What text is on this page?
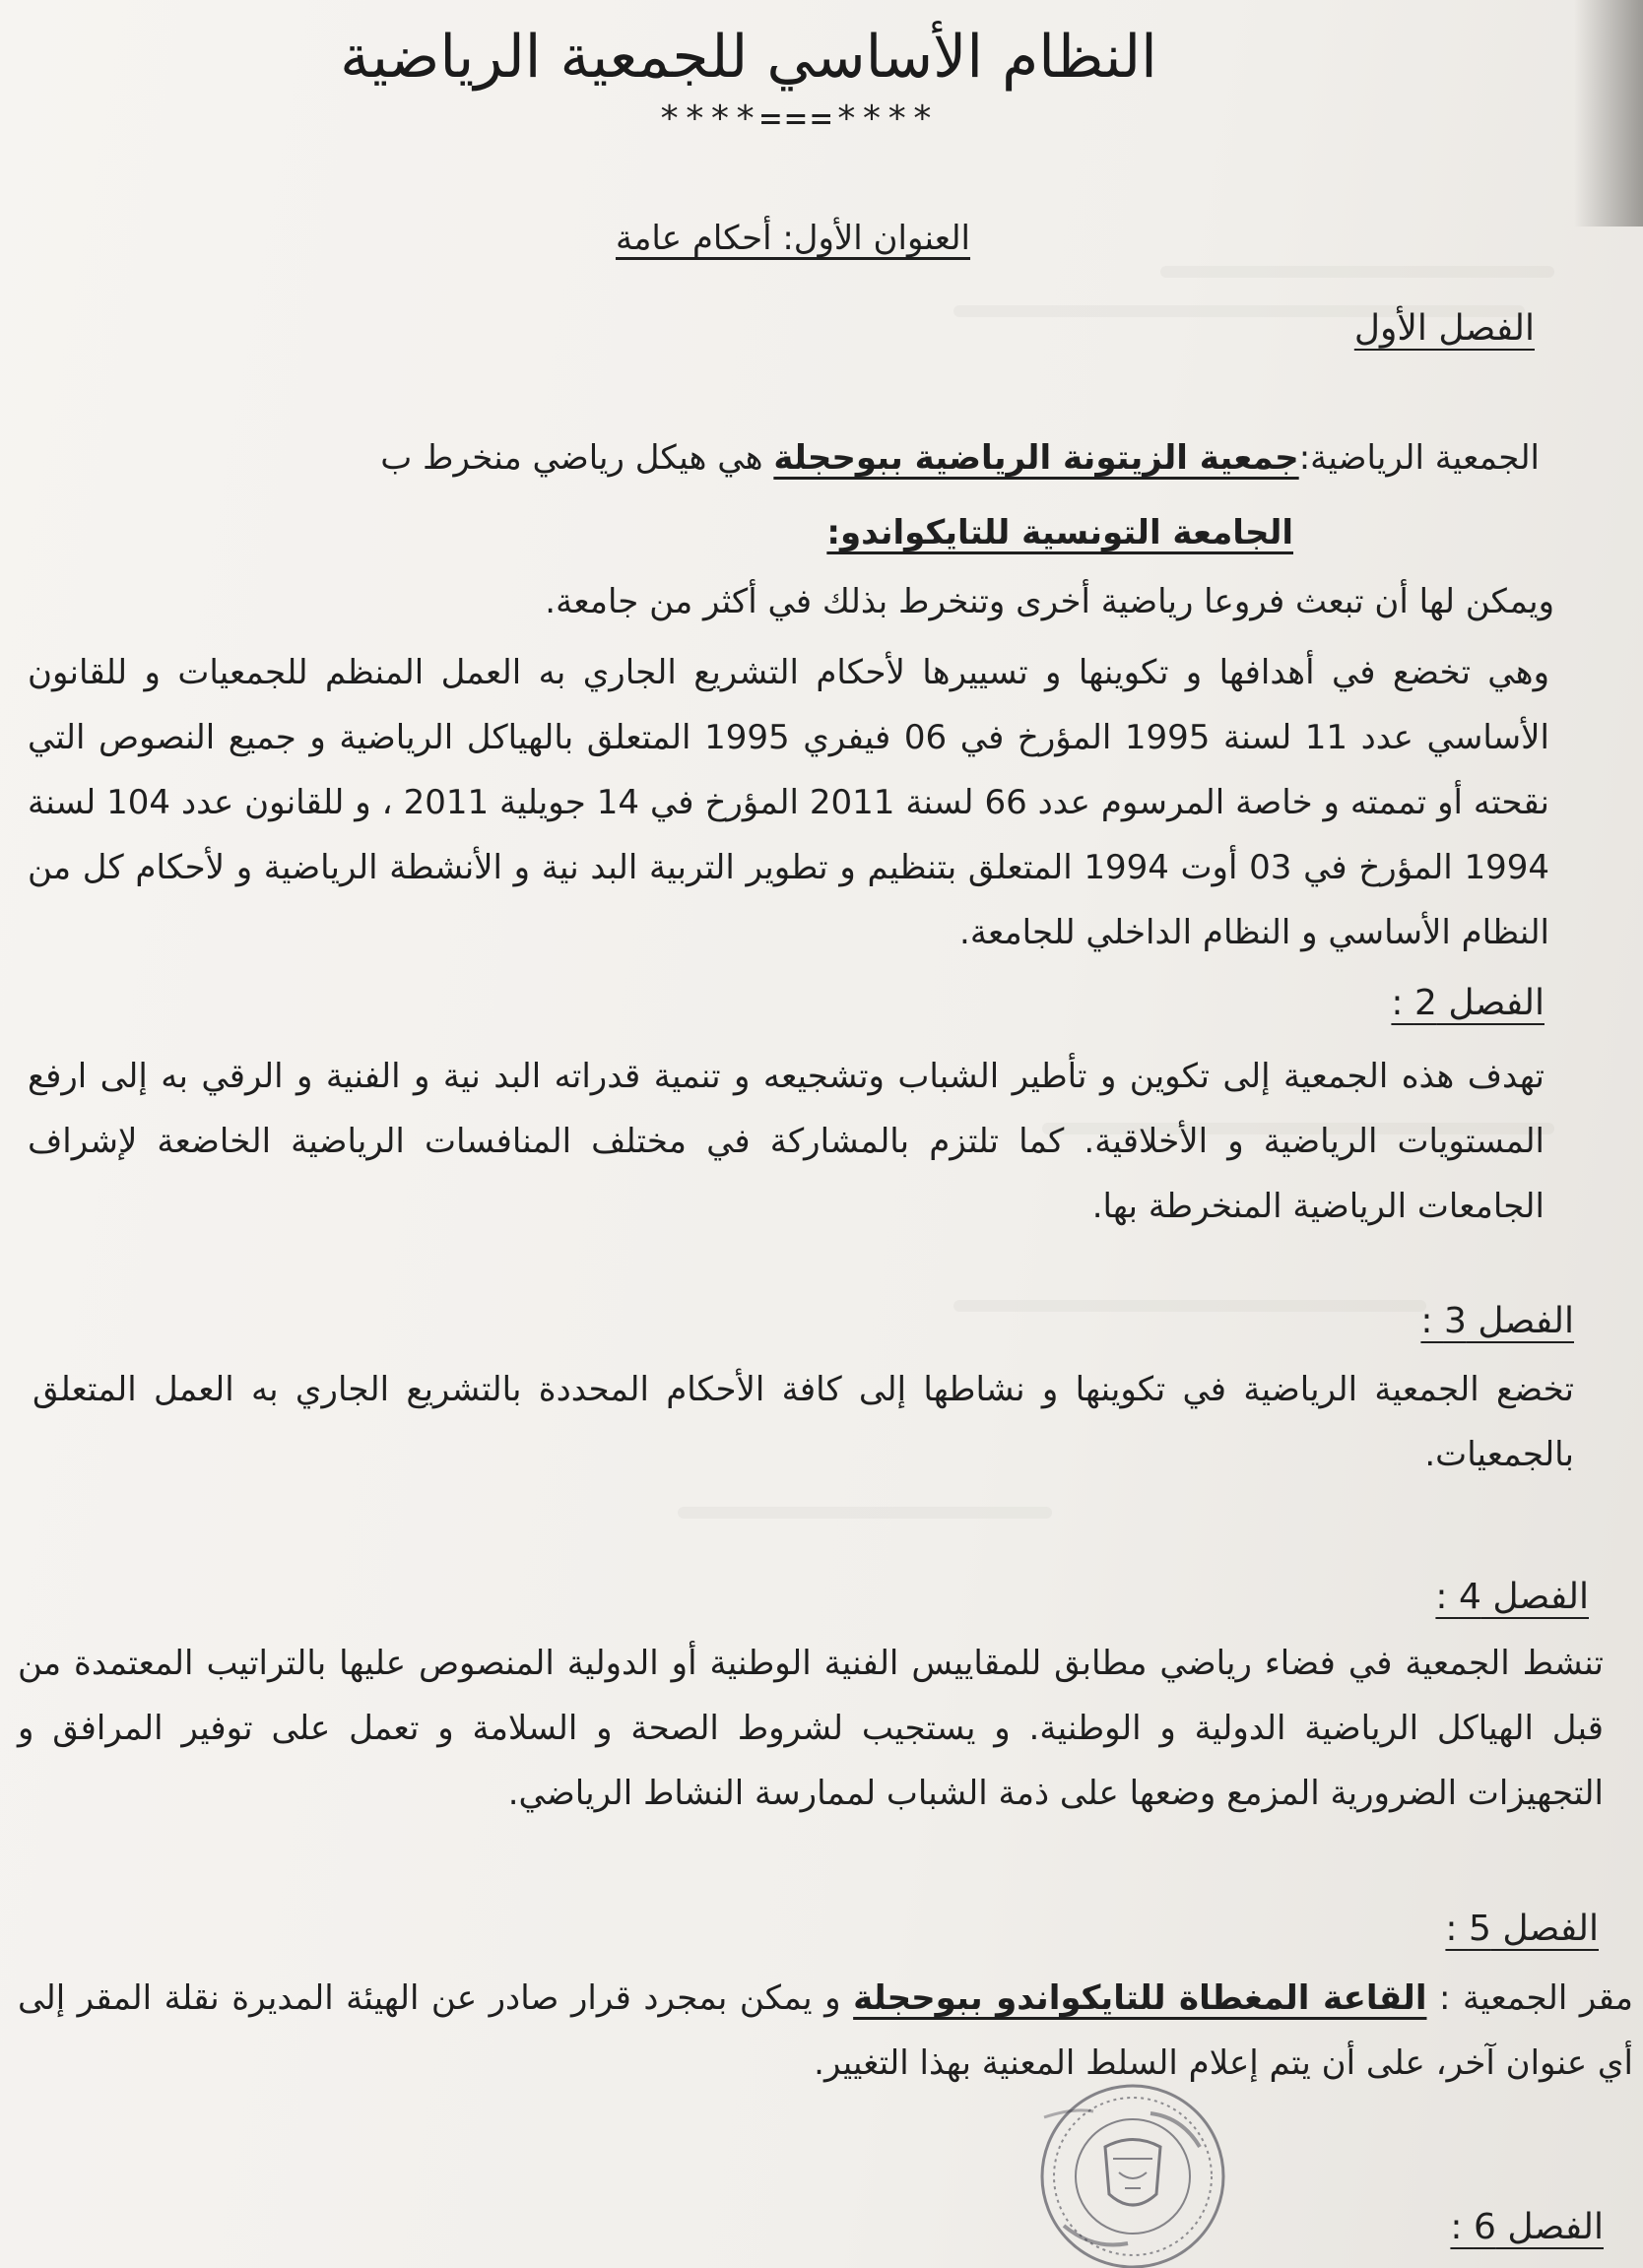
النظام الأساسي للجمعية الرياضية
****===****
العنوان الأول: أحكام عامة
الفصل الأول
الجمعية الرياضية:جمعية الزيتونة الرياضية ببوحجلة هي هيكل رياضي منخرط ب
الجامعة التونسية للتايكواندو:
ويمكن لها أن تبعث فروعا رياضية أخرى وتنخرط بذلك في أكثر من جامعة.
وهي تخضع في أهدافها و تكوينها و تسييرها لأحكام التشريع الجاري به العمل المنظم للجمعيات و للقانون الأساسي عدد 11 لسنة 1995 المؤرخ في 06 فيفري 1995 المتعلق بالهياكل الرياضية و جميع النصوص التي نقحته أو تممته و خاصة المرسوم عدد 66 لسنة 2011 المؤرخ في 14 جويلية 2011 ، و للقانون عدد 104 لسنة 1994 المؤرخ في 03 أوت 1994 المتعلق بتنظيم و تطوير التربية البد نية و الأنشطة الرياضية و لأحكام كل من النظام الأساسي و النظام الداخلي للجامعة.
الفصل 2 :
تهدف هذه الجمعية إلى تكوين و تأطير الشباب وتشجيعه و تنمية قدراته البد نية و الفنية و الرقي به إلى ارفع المستويات الرياضية و الأخلاقية. كما تلتزم بالمشاركة في مختلف المنافسات الرياضية الخاضعة لإشراف الجامعات الرياضية المنخرطة بها.
الفصل 3 :
تخضع الجمعية الرياضية في تكوينها و نشاطها إلى كافة الأحكام المحددة بالتشريع الجاري به العمل المتعلق بالجمعيات.
الفصل 4 :
تنشط الجمعية في فضاء رياضي مطابق للمقاييس الفنية الوطنية أو الدولية المنصوص عليها بالتراتيب المعتمدة من قبل الهياكل الرياضية الدولية و الوطنية. و يستجيب لشروط الصحة و السلامة و تعمل على توفير المرافق و التجهيزات الضرورية المزمع وضعها على ذمة الشباب لممارسة النشاط الرياضي.
الفصل 5 :
مقر الجمعية : القاعة المغطاة للتايكواندو ببوحجلة و يمكن بمجرد قرار صادر عن الهيئة المديرة نقلة المقر إلى أي عنوان آخر، على أن يتم إعلام السلط المعنية بهذا التغيير.
الفصل 6 :
